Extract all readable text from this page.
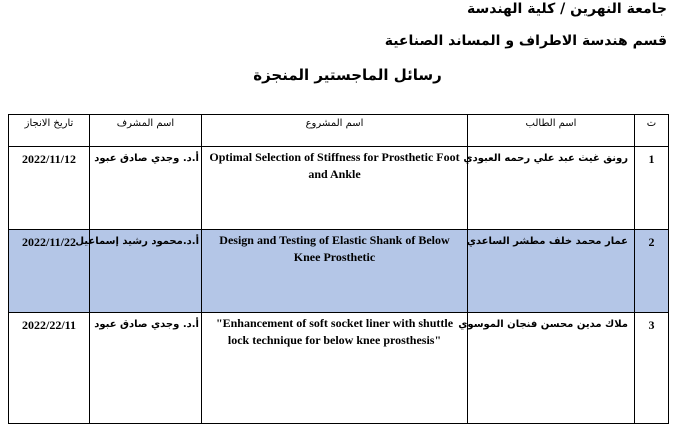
جامعة النهرين / كلية الهندسة
قسم هندسة الاطراف و المساند الصناعية
رسائل الماجستير المنجزة
تاريخ الانجاز	اسم المشرف	اسم المشروع	اسم الطالب	ت
2022/11/12	أ.د. وجدي صادق عبود	Optimal Selection of Stiffness for Prosthetic Foot and Ankle	رونق غيث عبد علي رحمه العبودي	1
2022/11/22	أ.د.محمود رشيد إسماعيل	Design and Testing of Elastic Shank of Below Knee Prosthetic	عمار محمد خلف مطشر الساعدي	2
2022/22/11	أ.د. وجدي صادق عبود	"Enhancement of soft socket liner with shuttle lock technique for below knee prosthesis"	ملاك مدين محسن فنجان الموسوي	3
